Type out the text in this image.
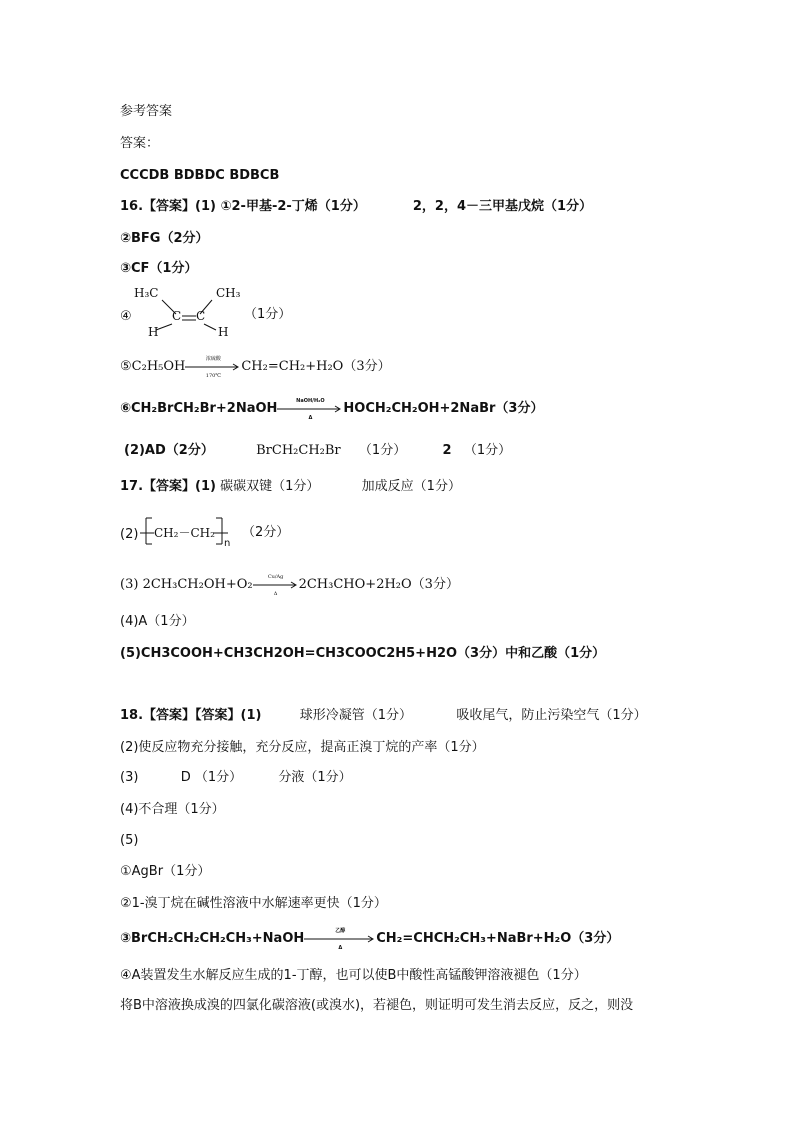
参考答案
答案：
CCCDB BDBDC BDBCB
16.【答案】(1) ①2-甲基-2-丁烯（1分）	2，2，4－三甲基戊烷（1分）
②BFG（2分）
③CF（1分）
④
H₃C	CH₃
C C
H	H
（1分）
⑤C₂H₅OH
浓硫酸
170℃
CH₂=CH₂+H₂O（3分）
⑥CH₂BrCH₂Br+2NaOH
NaOH/H₂O
Δ
HOCH₂CH₂OH+2NaBr（3分）
(2)AD（2分）	BrCH₂CH₂Br （1分）	2 （1分）
17.【答案】(1) 碳碳双键（1分）	加成反应（1分）
(2) CH₂－CH₂
n
（2分）
(3) 2CH₃CH₂OH+O₂
Cu/Ag
Δ
2CH₃CHO+2H₂O（3分）
(4)A（1分）
(5)CH3COOH+CH3CH2OH=CH3COOC2H5+H2O（3分）中和乙酸（1分）
18.【答案】【答案】(1)	球形冷凝管（1分）	吸收尾气，防止污染空气（1分）
(2)使反应物充分接触，充分反应，提高正溴丁烷的产率（1分）
(3)	D （1分）	分液（1分）
(4)不合理（1分）
(5)
①AgBr（1分）
②1-溴丁烷在碱性溶液中水解速率更快（1分）
③BrCH₂CH₂CH₂CH₃+NaOH
乙醇
Δ
CH₂=CHCH₂CH₃+NaBr+H₂O（3分）
④A装置发生水解反应生成的1-丁醇，也可以使B中酸性高锰酸钾溶液褪色（1分）
将B中溶液换成溴的四氯化碳溶液(或溴水)，若褪色，则证明可发生消去反应，反之，则没
